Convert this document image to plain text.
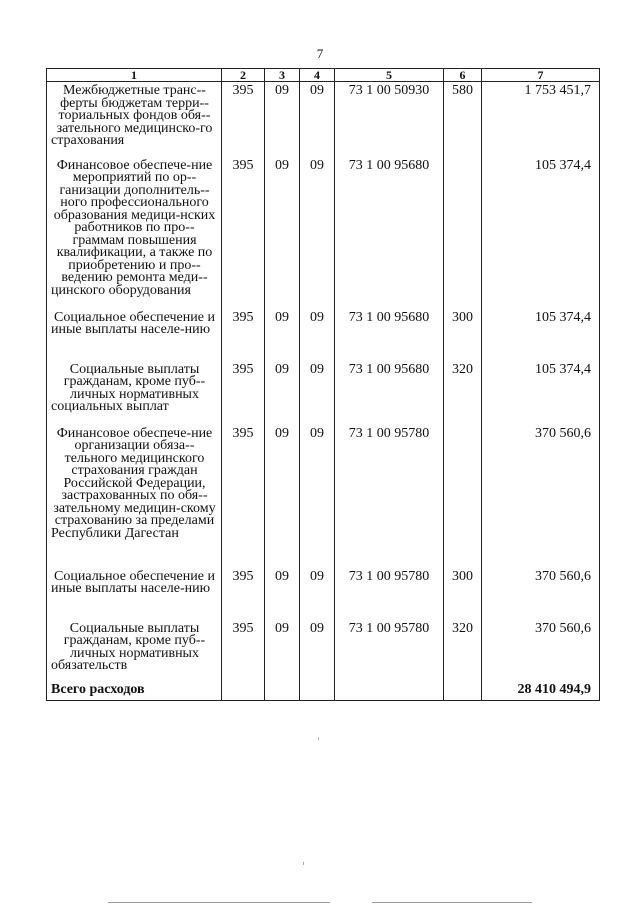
7
1	2	3	4	5	6	7
Межбюджетные транс-ферты бюджетам терри-ториальных фондов обя-зательного медицинско-го страхования	395	09	09	73 1 00 50930	580	1 753 451,7
Финансовое обеспече-ние мероприятий по ор-ганизации дополнитель-ного профессионального образования медици-нских работников по про-граммам повышения квалификации, а также по приобретению и про-ведению ремонта меди-цинского оборудования	395	09	09	73 1 00 95680		105 374,4
Социальное обеспечение и иные выплаты населе-нию	395	09	09	73 1 00 95680	300	105 374,4
Социальные выплаты гражданам, кроме пуб-личных нормативных социальных выплат	395	09	09	73 1 00 95680	320	105 374,4
Финансовое обеспече-ние организации обяза-тельного медицинского страхования граждан Российской Федерации, застрахованных по обя-зательному медицин-скому страхованию за пределами Республики Дагестан	395	09	09	73 1 00 95780		370 560,6
Социальное обеспечение и иные выплаты населе-нию	395	09	09	73 1 00 95780	300	370 560,6
Социальные выплаты гражданам, кроме пуб-личных нормативных обязательств	395	09	09	73 1 00 95780	320	370 560,6
Всего расходов						28 410 494,9
